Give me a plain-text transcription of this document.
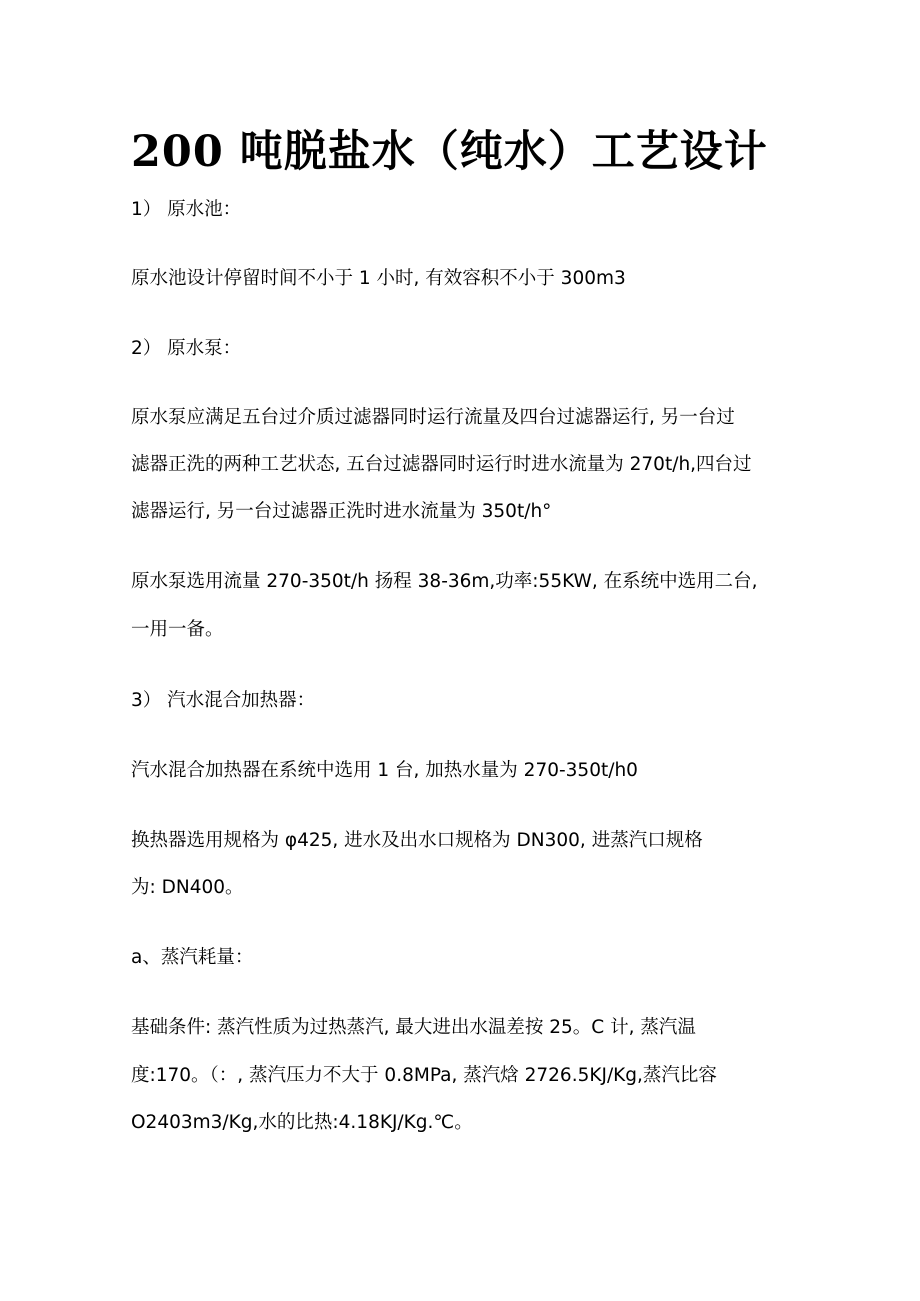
200 吨脱盐水（纯水）工艺设计
1） 原水池：
原水池设计停留时间不小于 1 小时, 有效容积不小于 300m3
2） 原水泵：
原水泵应满足五台过介质过滤器同时运行流量及四台过滤器运行, 另一台过
滤器正洗的两种工艺状态, 五台过滤器同时运行时进水流量为 270t/h,四台过
滤器运行, 另一台过滤器正洗时进水流量为 350t/h°
原水泵选用流量 270-350t/h 扬程 38-36m,功率:55KW, 在系统中选用二台,
一用一备。
3） 汽水混合加热器：
汽水混合加热器在系统中选用 1 台, 加热水量为 270-350t/h0
换热器选用规格为 φ425, 进水及出水口规格为 DN300, 进蒸汽口规格
为: DN400。
a、蒸汽耗量：
基础条件: 蒸汽性质为过热蒸汽, 最大进出水温差按 25。C 计, 蒸汽温
度:170。（：, 蒸汽压力不大于 0.8MPa, 蒸汽焓 2726.5KJ/Kg,蒸汽比容
O2403m3/Kg,水的比热:4.18KJ/Kg.℃。
